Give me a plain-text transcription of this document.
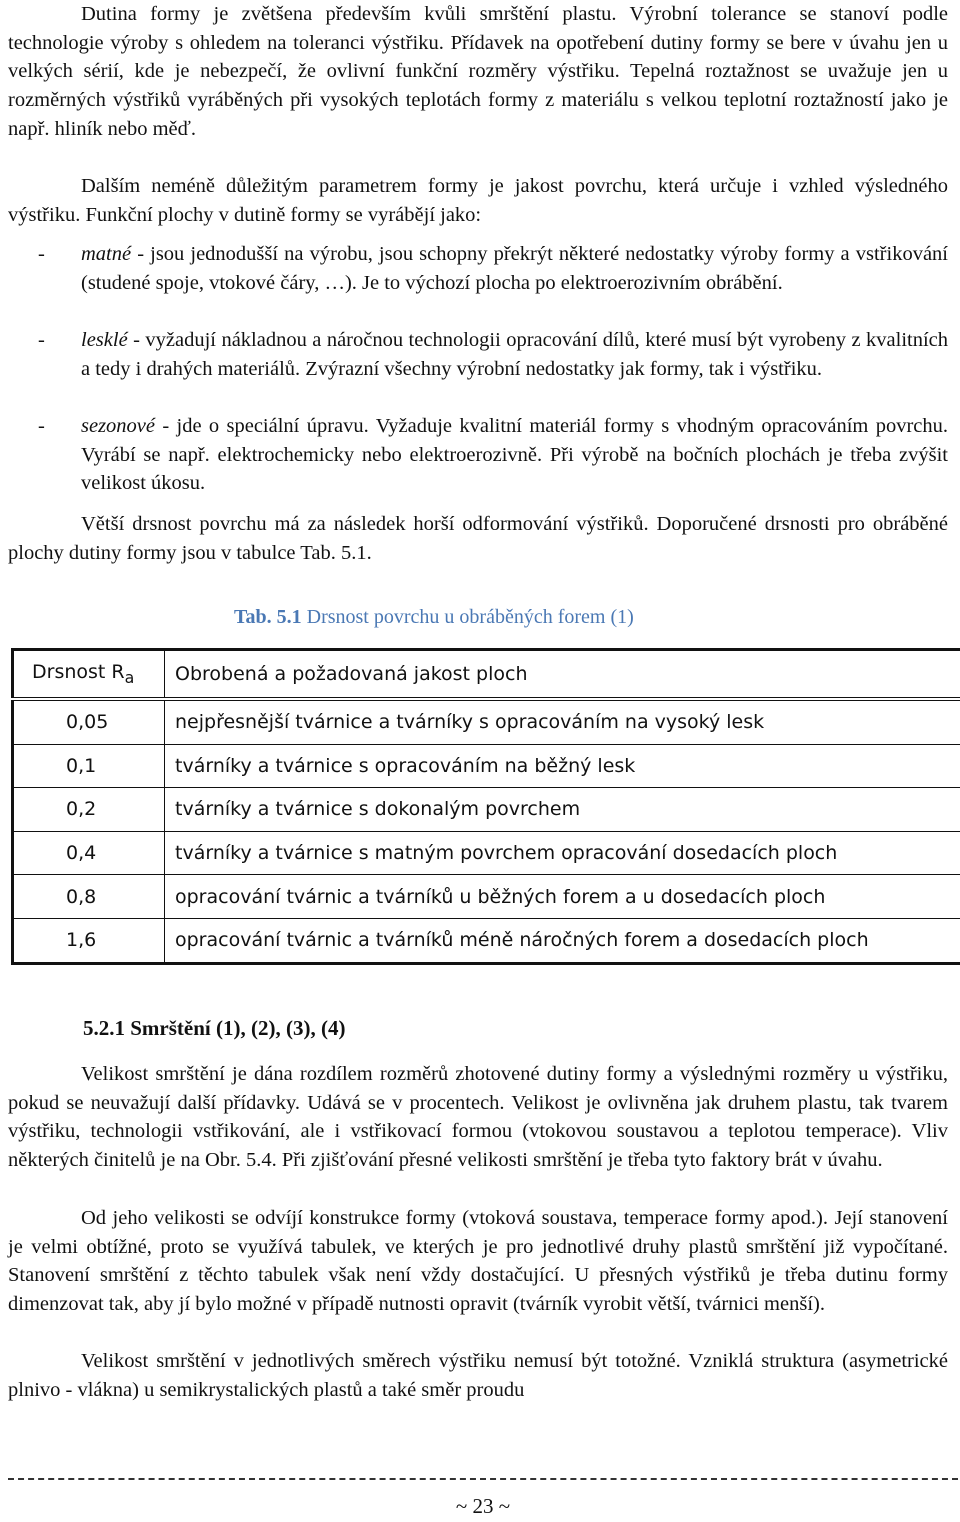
Dutina formy je zvětšena především kvůli smrštění plastu. Výrobní tolerance se stanoví podle technologie výroby s ohledem na toleranci výstřiku. Přídavek na opotřebení dutiny formy se bere v úvahu jen u velkých sérií, kde je nebezpečí, že ovlivní funkční rozměry výstřiku. Tepelná roztažnost se uvažuje jen u rozměrných výstřiků vyráběných při vysokých teplotách formy z materiálu s velkou teplotní roztažností jako je např. hliník nebo měď.

Dalším neméně důležitým parametrem formy je jakost povrchu, která určuje i vzhled výsledného výstřiku. Funkční plochy v dutině formy se vyrábějí jako:

- matné - jsou jednodušší na výrobu, jsou schopny překrýt některé nedostatky výroby formy a vstřikování (studené spoje, vtokové čáry, …). Je to výchozí plocha po elektroerozivním obrábění.
- lesklé - vyžadují nákladnou a náročnou technologii opracování dílů, které musí být vyrobeny z kvalitních a tedy i drahých materiálů. Zvýrazní všechny výrobní nedostatky jak formy, tak i výstřiku.
- sezonové - jde o speciální úpravu. Vyžaduje kvalitní materiál formy s vhodným opracováním povrchu. Vyrábí se např. elektrochemicky nebo elektroerozivně. Při výrobě na bočních plochách je třeba zvýšit velikost úkosu.

Větší drsnost povrchu má za následek horší odformování výstřiků. Doporučené drsnosti pro obráběné plochy dutiny formy jsou v tabulce Tab. 5.1.

Tab. 5.1 Drsnost povrchu u obráběných forem (1)
Drsnost $R_a$	Obrobená a požadovaná jakost ploch
0,05	nejpřesnější tvárnice a tvárníky s opracováním na vysoký lesk
0,1	tvárníky a tvárnice s opracováním na běžný lesk
0,2	tvárníky a tvárnice s dokonalým povrchem
0,4	tvárníky a tvárnice s matným povrchem opracování dosedacích ploch
0,8	opracování tvárnic a tvárníků u běžných forem a u dosedacích ploch
1,6	opracování tvárnic a tvárníků méně náročných forem a dosedacích ploch
5.2.1 Smrštění (1), (2), (3), (4)

Velikost smrštění je dána rozdílem rozměrů zhotovené dutiny formy a výslednými rozměry u výstřiku, pokud se neuvažují další přídavky. Udává se v procentech. Velikost je ovlivněna jak druhem plastu, tak tvarem výstřiku, technologii vstřikování, ale i vstřikovací formou (vtokovou soustavou a teplotou temperace). Vliv některých činitelů je na Obr. 5.4. Při zjišťování přesné velikosti smrštění je třeba tyto faktory brát v úvahu.

Od jeho velikosti se odvíjí konstrukce formy (vtoková soustava, temperace formy apod.). Její stanovení je velmi obtížné, proto se využívá tabulek, ve kterých je pro jednotlivé druhy plastů smrštění již vypočítané. Stanovení smrštění z těchto tabulek však není vždy dostačující. U přesných výstřiků je třeba dutinu formy dimenzovat tak, aby jí bylo možné v případě nutnosti opravit (tvárník vyrobit větší, tvárnici menší).

Velikost smrštění v jednotlivých směrech výstřiku nemusí být totožné. Vzniklá struktura (asymetrické plnivo - vlákna) u semikrystalických plastů a také směr proudu

~ 23 ~
